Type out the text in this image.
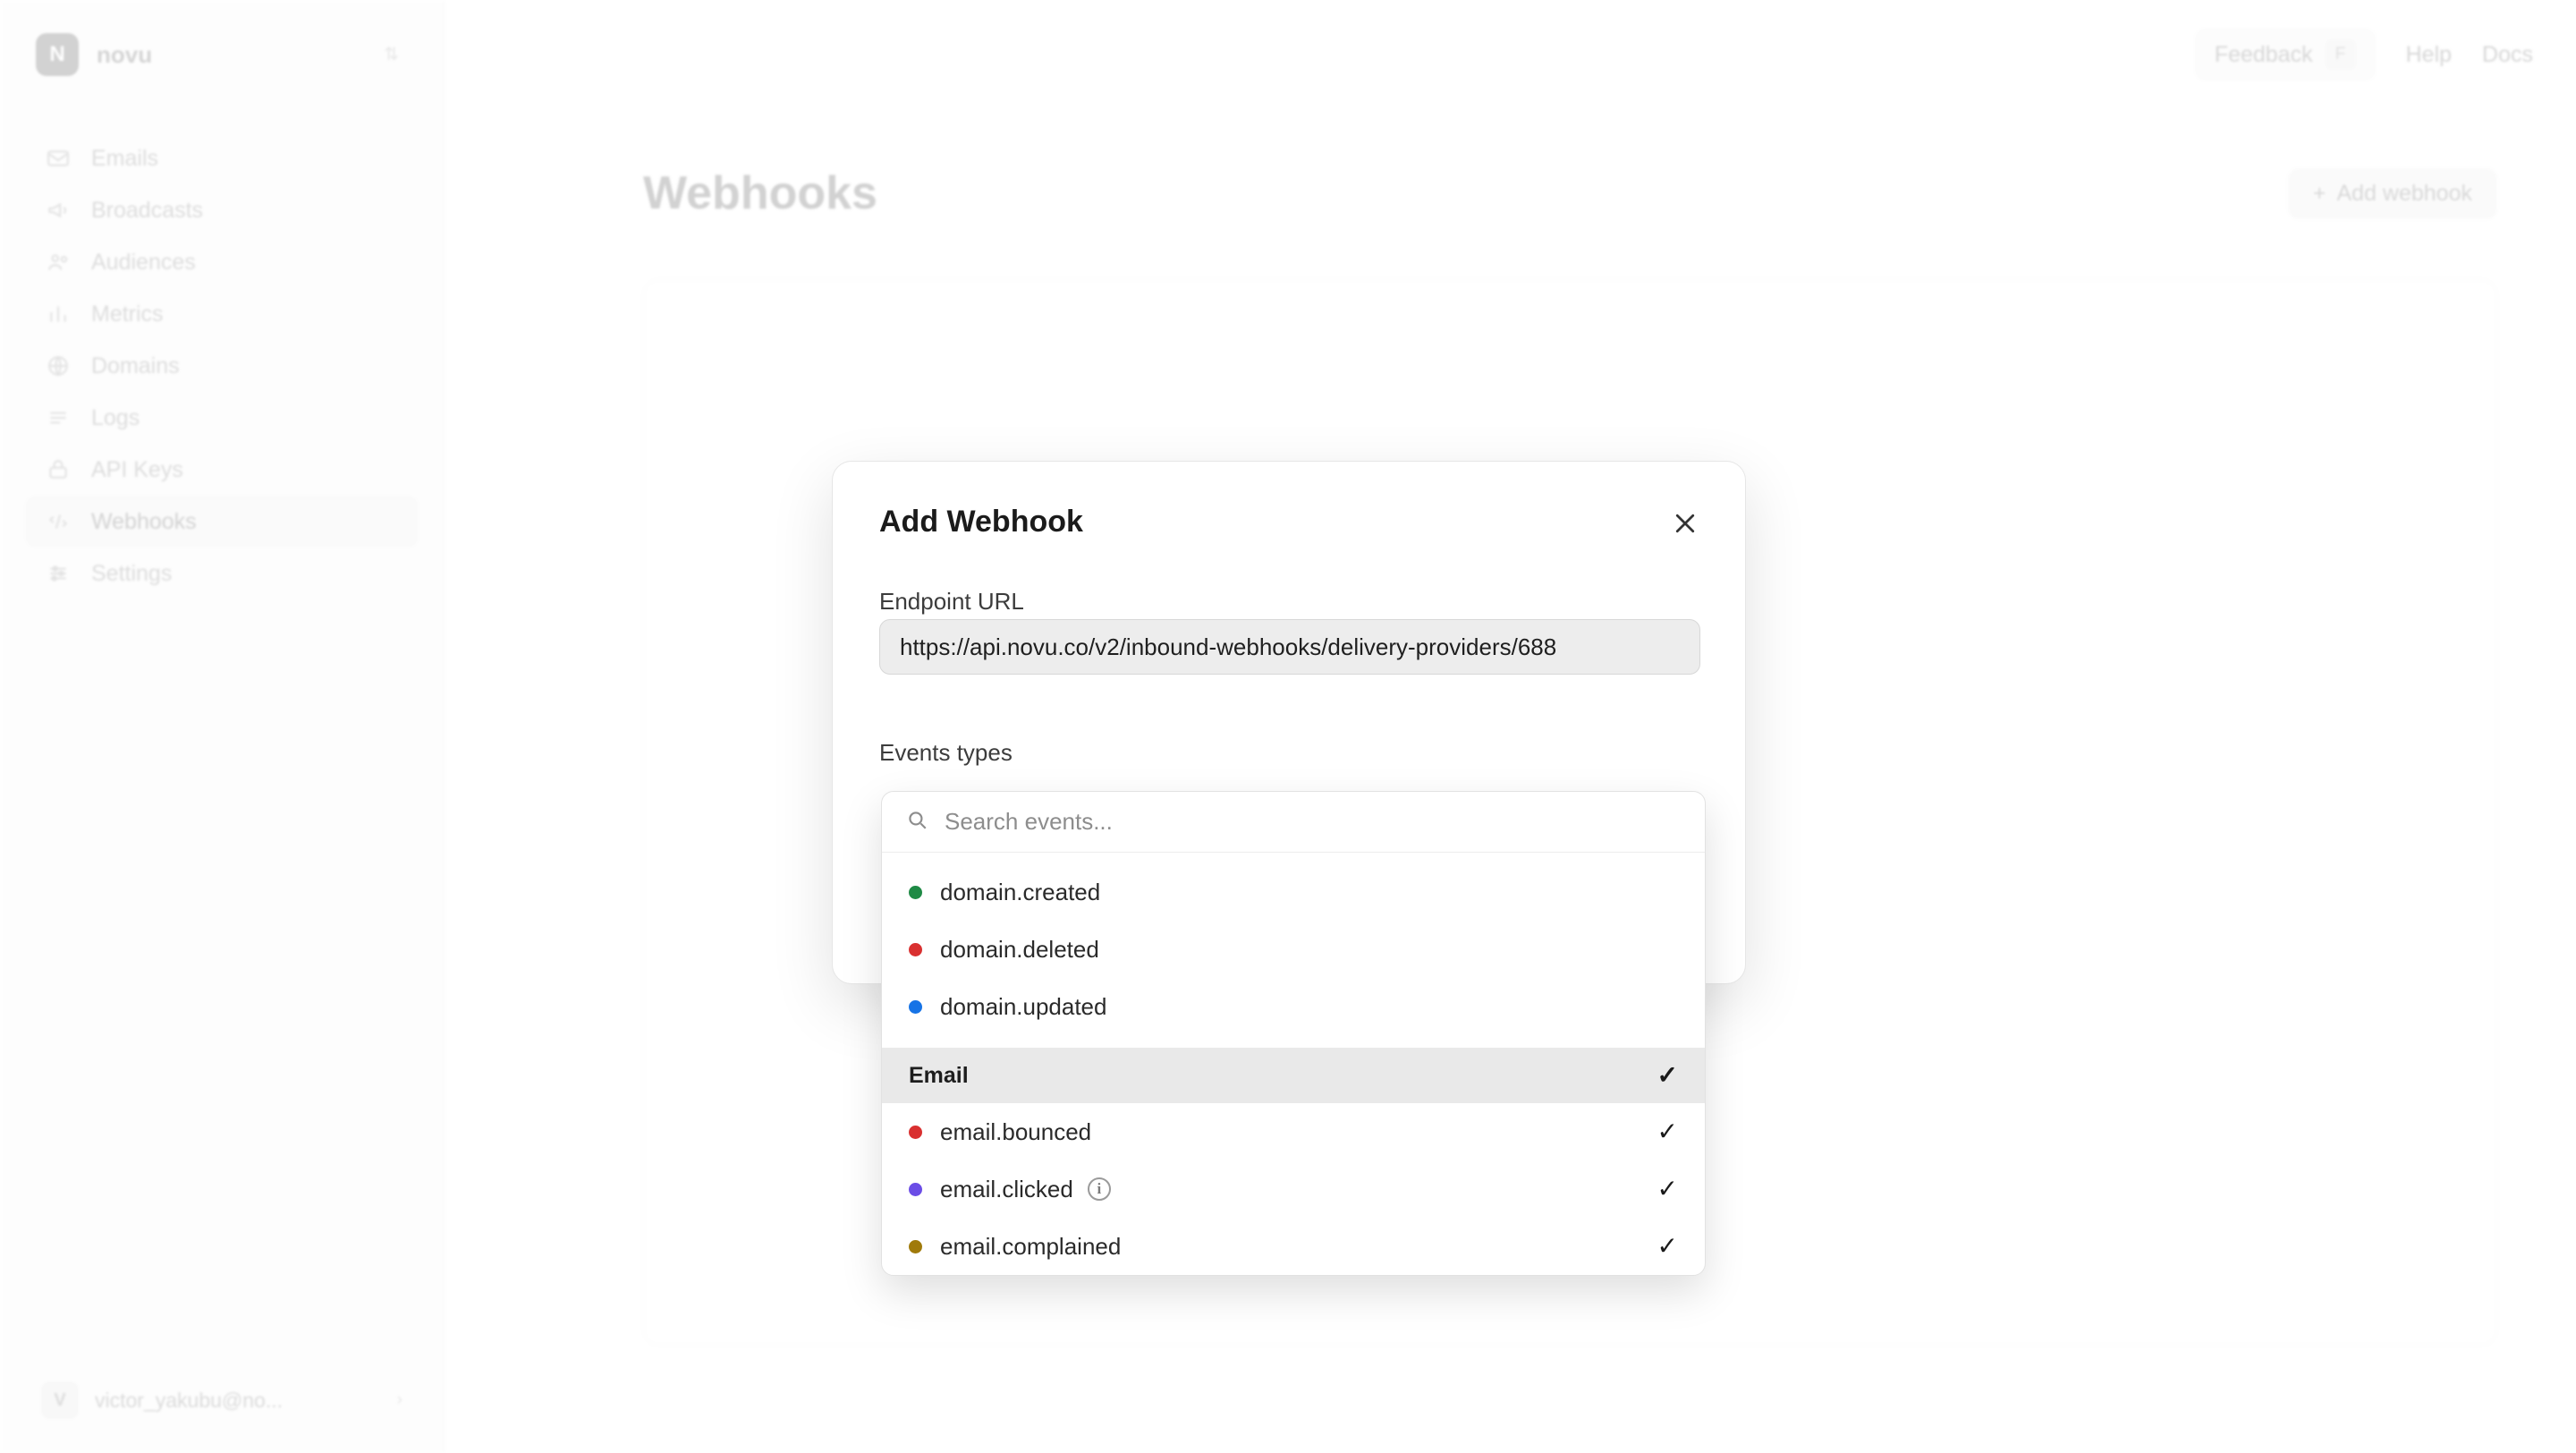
N	novu	⇅
Emails
Broadcasts
Audiences
Metrics
Domains
Logs
API Keys
Webhooks
Settings
V	victor_yakubu@no...	›
Feedback	F	Help Docs
Webhooks	+ Add webhook
Add Webhook
Endpoint URL
https://api.novu.co/v2/inbound-webhooks/delivery-providers/688
Events types
Search events...
domain.created
domain.deleted
domain.updated
Email	✓
email.bounced	✓
email.clicked	i	✓
email.complained	✓
